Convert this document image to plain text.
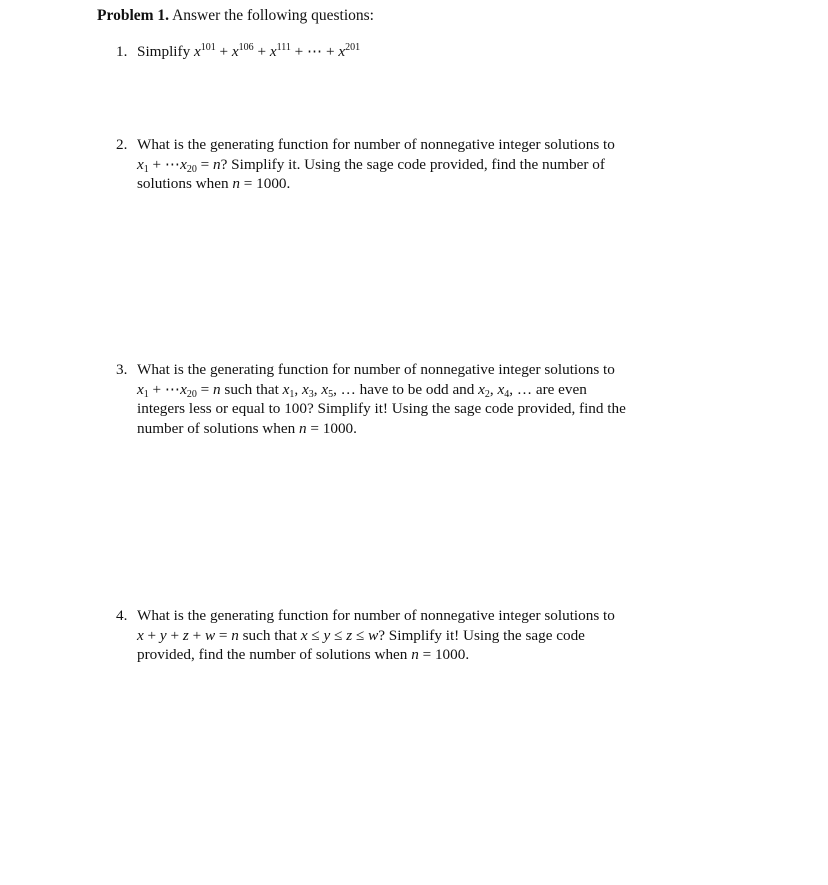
Problem 1. Answer the following questions:
1. Simplify $x^{101} + x^{106} + x^{111}$ + ⋯ + $x^{201}$
2. What is the generating function for number of nonnegative integer solutions to
$x_1$ + $\cdots x_{20} = n$? Simplify it. Using the sage code provided, find the number of
solutions when n = 1000.
3. What is the generating function for number of nonnegative integer solutions to
$x_1$ + $\cdots x_{20} = n$ such that $x_1$, $x_3$, $x_5$, … have to be odd and $x_2$, $x_4$, … are even
integers less or equal to 100? Simplify it! Using the sage code provided, find the
number of solutions when n = 1000.
4. What is the generating function for number of nonnegative integer solutions to
x + y + z + w = n such that x ≤ y ≤ z ≤ w? Simplify it! Using the sage code
provided, find the number of solutions when n = 1000.
